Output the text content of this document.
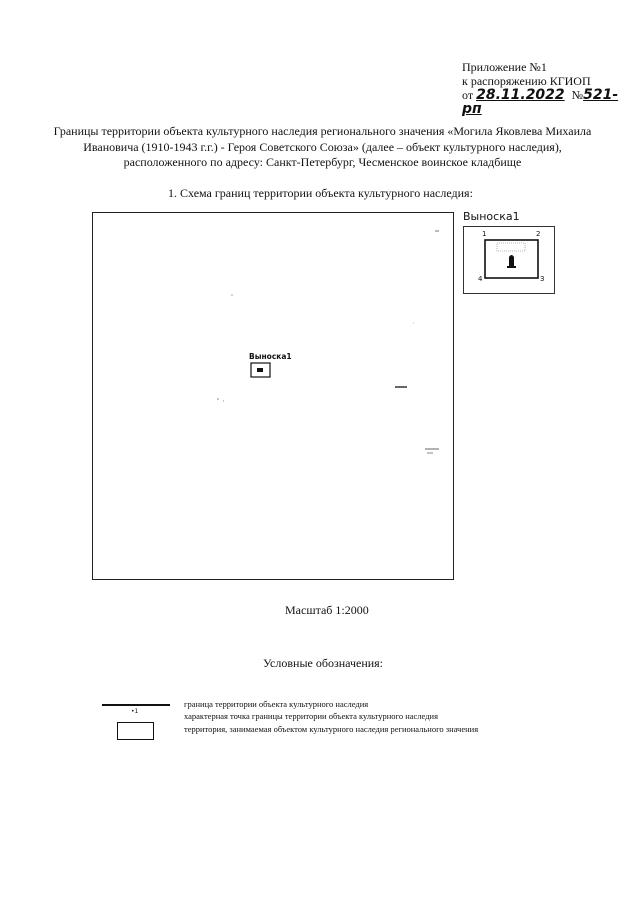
Приложение №1
к распоряжению КГИОП
от 28.11.2022 №521-рп
Границы территории объекта культурного наследия регионального значения «Могила Яковлева Михаила Ивановича (1910-1943 г.г.) - Героя Советского Союза» (далее – объект культурного наследия), расположенного по адресу: Санкт-Петербург, Чесменское воинское кладбище
1. Схема границ территории объекта культурного наследия:
Выноска1
Выноска1
1	2
3
4
Масштаб 1:2000
Условные обозначения:
граница территории объекта культурного наследия
•1	характерная точка границы территории объекта культурного наследия
территория, занимаемая объектом культурного наследия регионального значения
